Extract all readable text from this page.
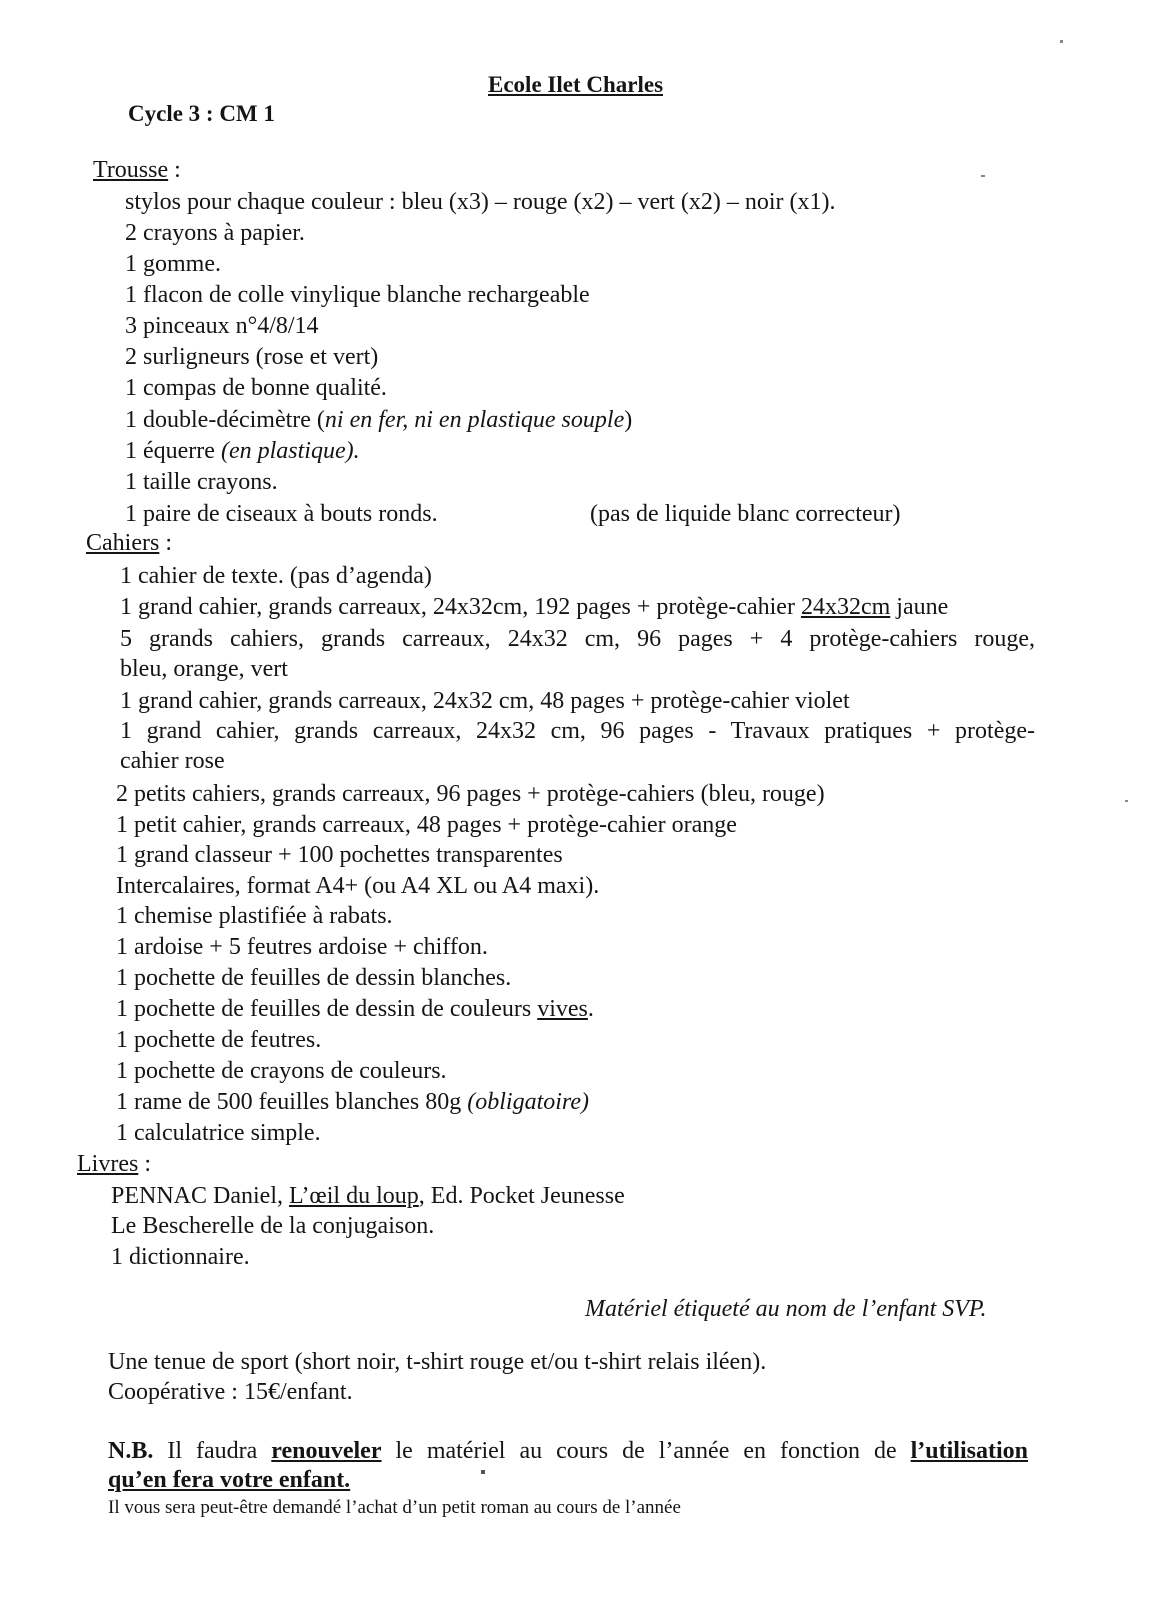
Ecole Ilet Charles
Cycle 3 : CM 1
Trousse :
stylos pour chaque couleur : bleu (x3) – rouge (x2) – vert (x2) – noir (x1).
2 crayons à papier.
1 gomme.
1 flacon de colle vinylique blanche rechargeable
3 pinceaux n°4/8/14
2 surligneurs (rose et vert)
1 compas de bonne qualité.
1 double-décimètre (ni en fer, ni en plastique souple)
1 équerre (en plastique).
1 taille crayons.
1 paire de ciseaux à bouts ronds.	(pas de liquide blanc correcteur)
Cahiers :
1 cahier de texte. (pas d’agenda)
1 grand cahier, grands carreaux, 24x32cm, 192 pages + protège-cahier 24x32cm jaune
5 grands cahiers, grands carreaux, 24x32 cm, 96 pages + 4 protège-cahiers rouge,
bleu, orange, vert
1 grand cahier, grands carreaux, 24x32 cm, 48 pages + protège-cahier violet
1 grand cahier, grands carreaux, 24x32 cm, 96 pages - Travaux pratiques + protège-
cahier rose
2 petits cahiers, grands carreaux, 96 pages + protège-cahiers (bleu, rouge)
1 petit cahier, grands carreaux, 48 pages + protège-cahier orange
1 grand classeur + 100 pochettes transparentes
Intercalaires, format A4+ (ou A4 XL ou A4 maxi).
1 chemise plastifiée à rabats.
1 ardoise + 5 feutres ardoise + chiffon.
1 pochette de feuilles de dessin blanches.
1 pochette de feuilles de dessin de couleurs vives.
1 pochette de feutres.
1 pochette de crayons de couleurs.
1 rame de 500 feuilles blanches 80g (obligatoire)
1 calculatrice simple.
Livres :
PENNAC Daniel, L’œil du loup, Ed. Pocket Jeunesse
Le Bescherelle de la conjugaison.
1 dictionnaire.
Matériel étiqueté au nom de l’enfant SVP.
Une tenue de sport (short noir, t-shirt rouge et/ou t-shirt relais iléen).
Coopérative : 15€/enfant.
N.B. Il faudra renouveler le matériel au cours de l’année en fonction de l’utilisation
qu’en fera votre enfant.
Il vous sera peut-être demandé l’achat d’un petit roman au cours de l’année
